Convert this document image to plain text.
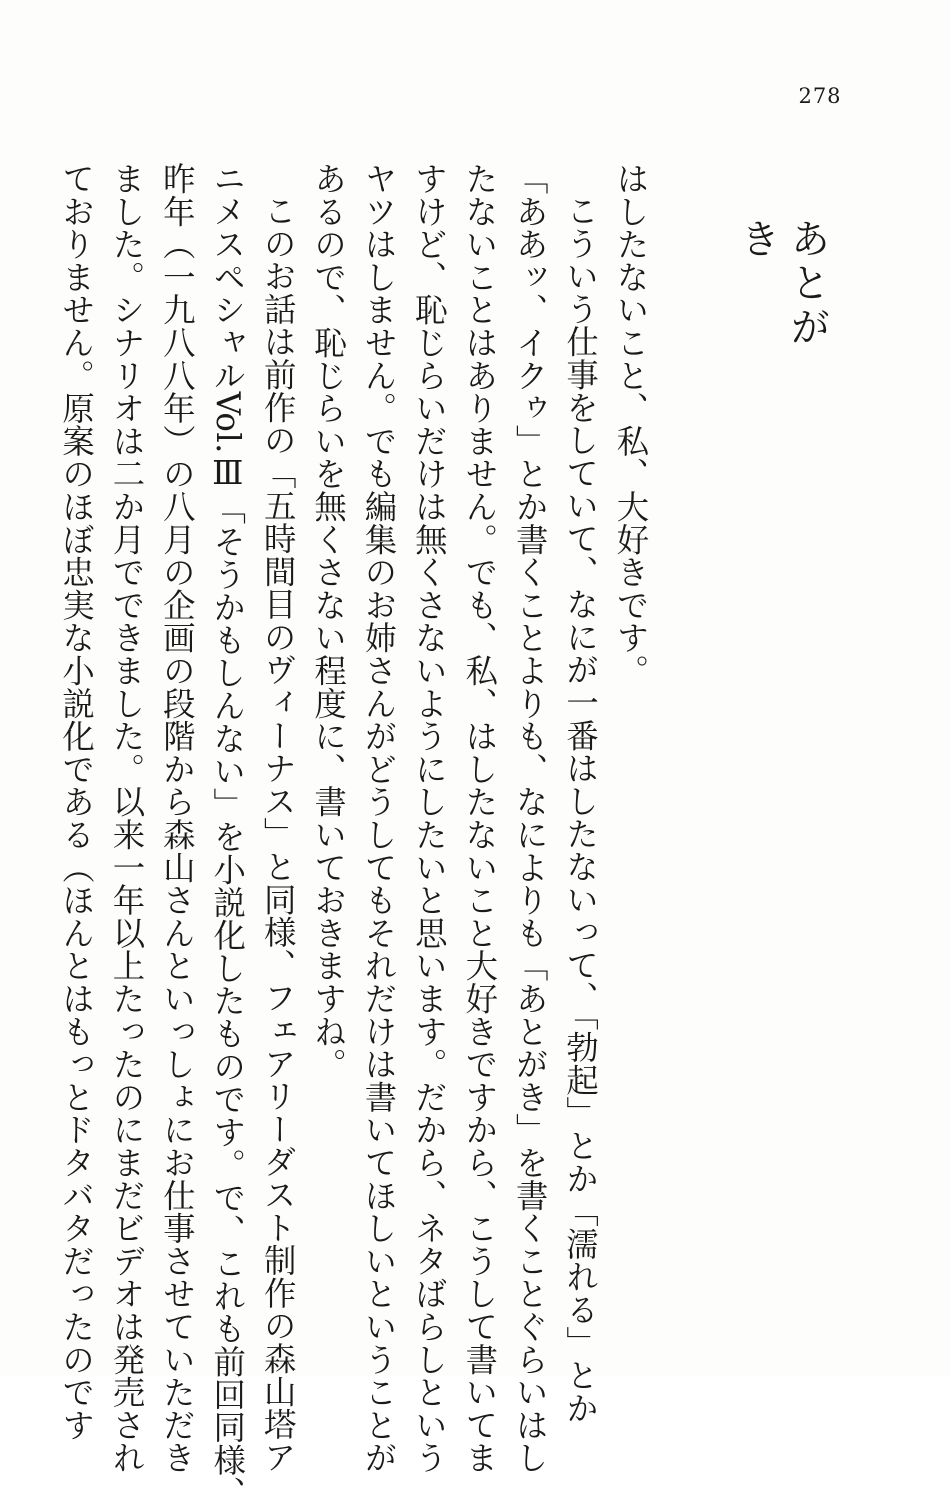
278
あとがき

はしたないこと、私、大好きです。

こういう仕事をしていて、なにが一番はしたないって、「勃起」とか「濡れる」とか

「ああッ、イクゥ」とか書くことよりも、なによりも「あとがき」を書くことぐらいはし

たないことはありません。でも、私、はしたないこと大好きですから、こうして書いてま

すけど、恥じらいだけは無くさないようにしたいと思います。だから、ネタばらしという

ヤツはしません。でも編集のお姉さんがどうしてもそれだけは書いてほしいということが

あるので、恥じらいを無くさない程度に、書いておきますね。

このお話は前作の「五時間目のヴィーナス」と同様、フェアリーダスト制作の森山塔ア

ニメスペシャルVol.Ⅲ「そうかもしんない」を小説化したものです。で、これも前回同様、

昨年（一九八八年）の八月の企画の段階から森山さんといっしょにお仕事させていただき

ました。シナリオは二か月でできました。以来一年以上たったのにまだビデオは発売され

ておりません。原案のほぼ忠実な小説化である（ほんとはもっとドタバタだったのです
